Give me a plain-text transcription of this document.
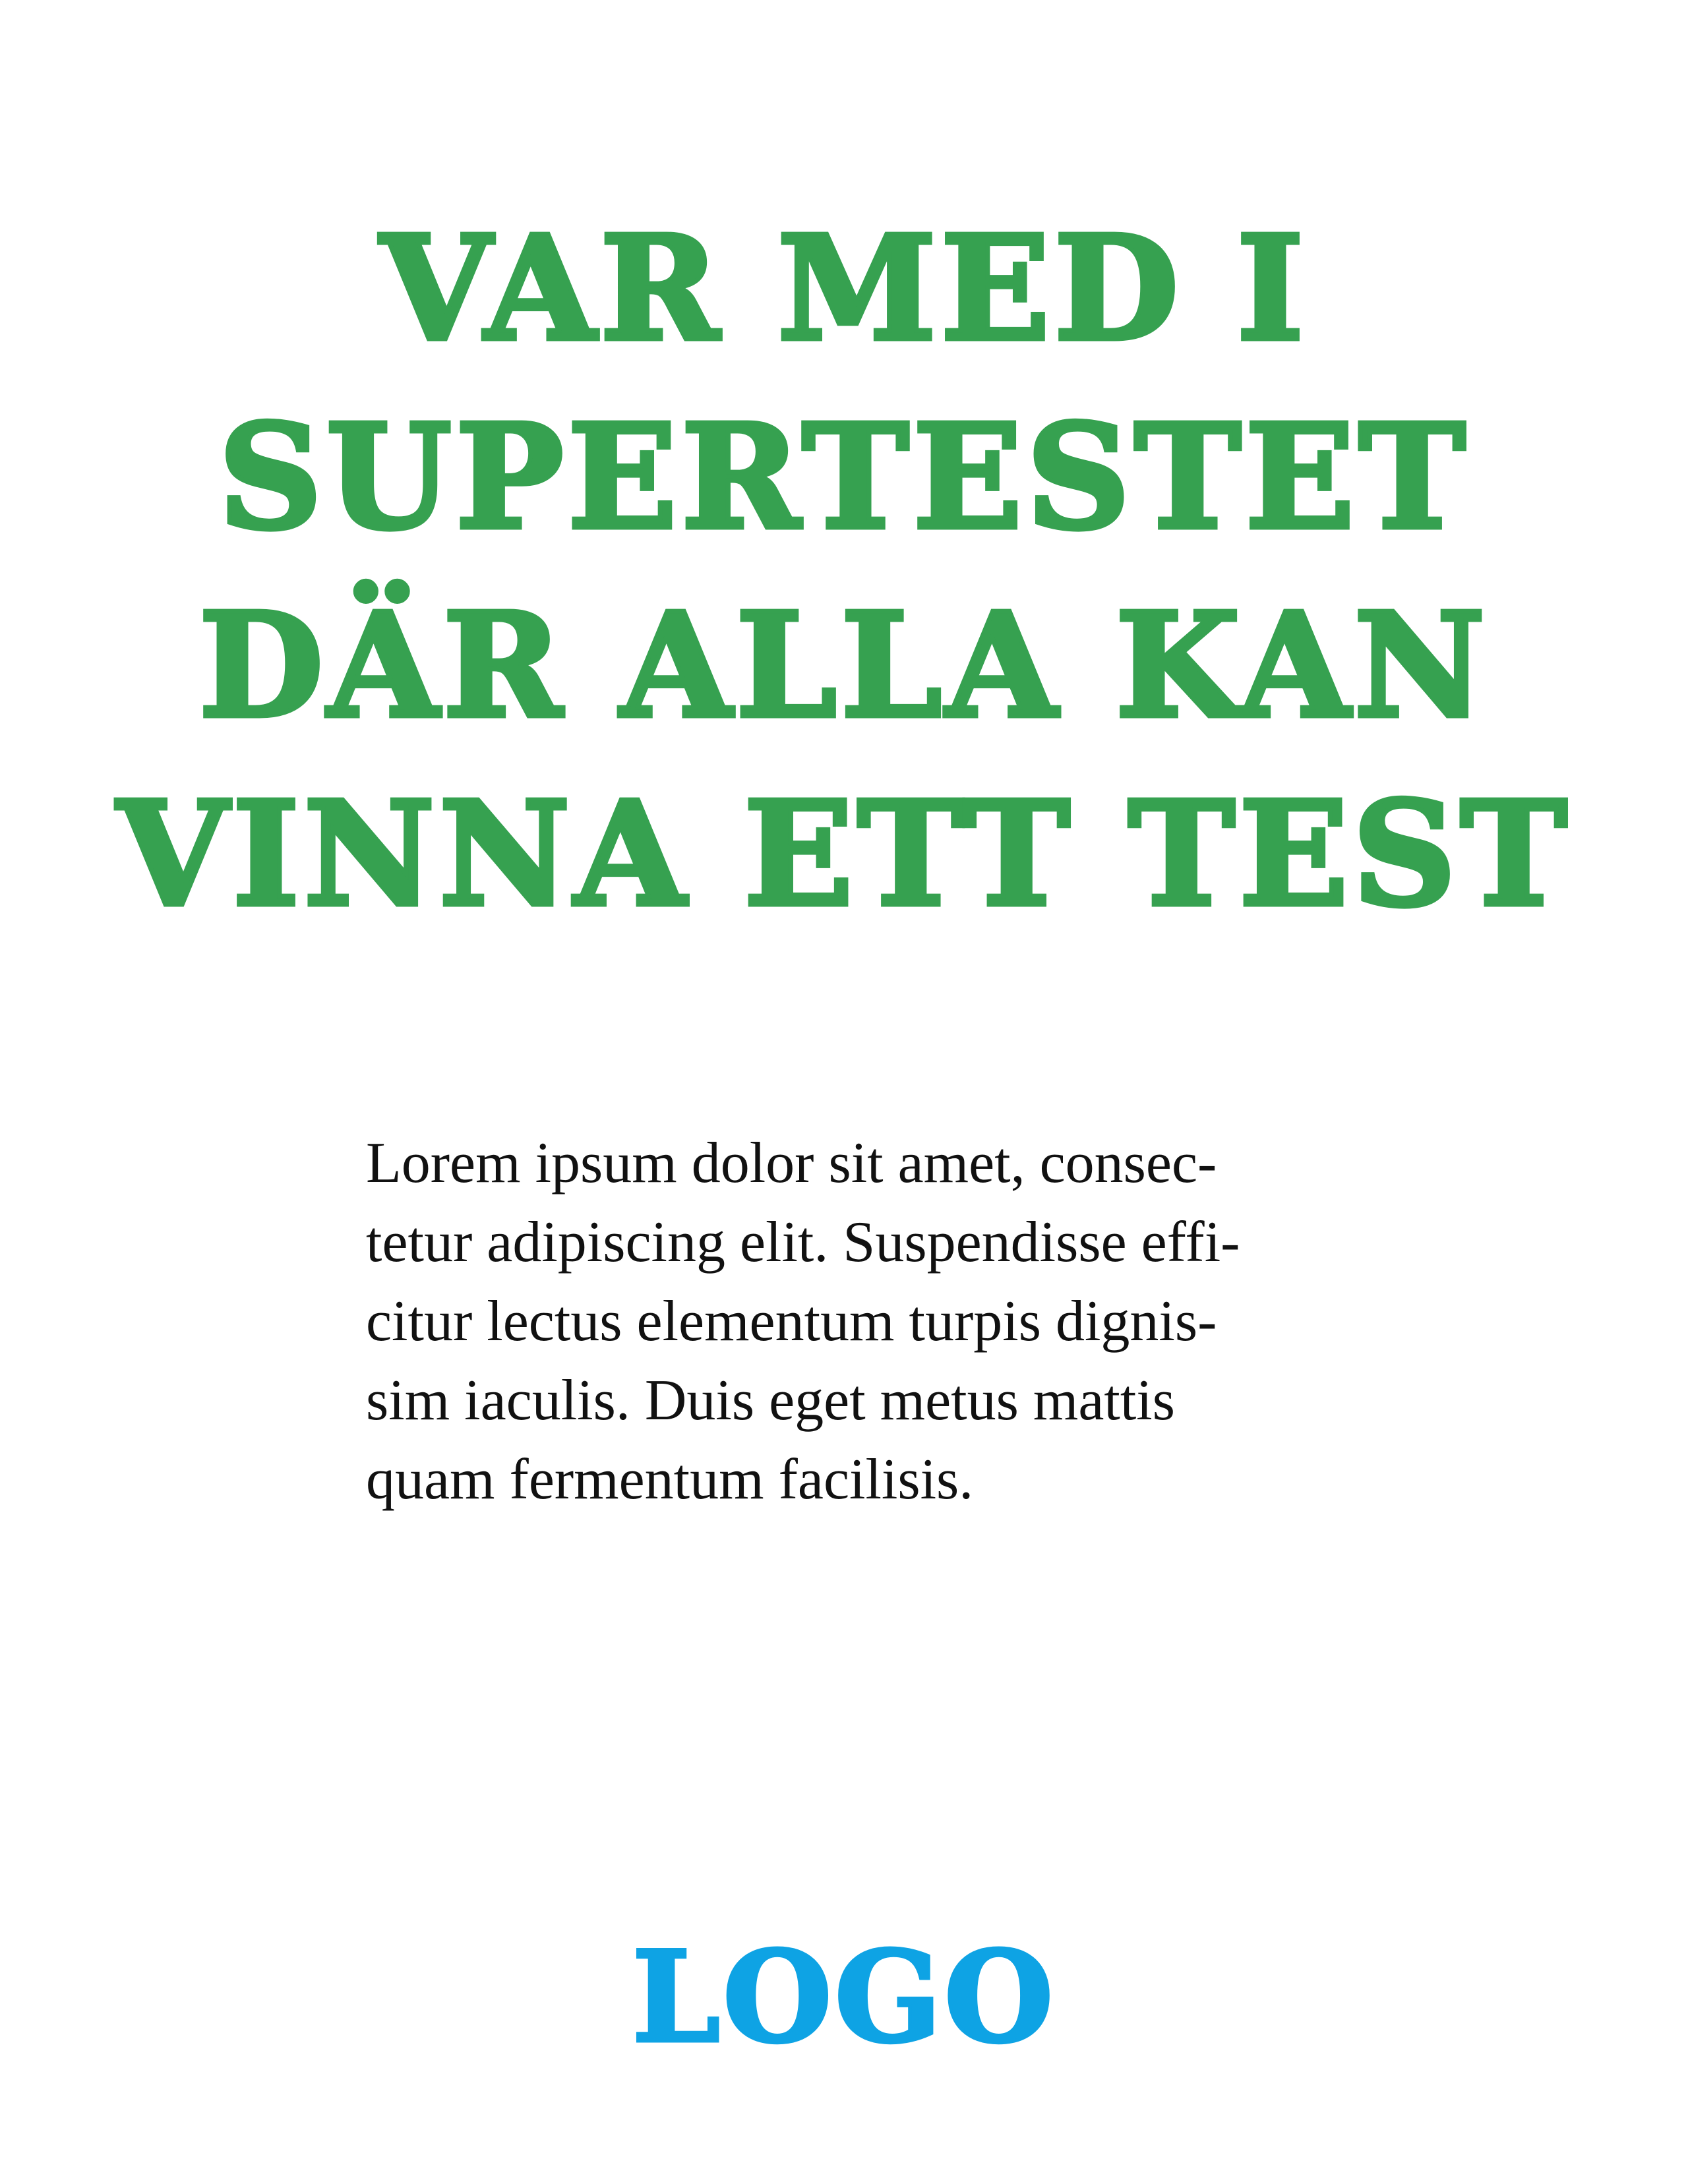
VAR MED I
SUPERTESTET
DÄR ALLA KAN
VINNA ETT TEST

Lorem ipsum dolor sit amet, consec-
tetur adipiscing elit. Suspendisse effi-
citur lectus elementum turpis dignis-
sim iaculis. Duis eget metus mattis
quam fermentum facilisis.

LOGO
